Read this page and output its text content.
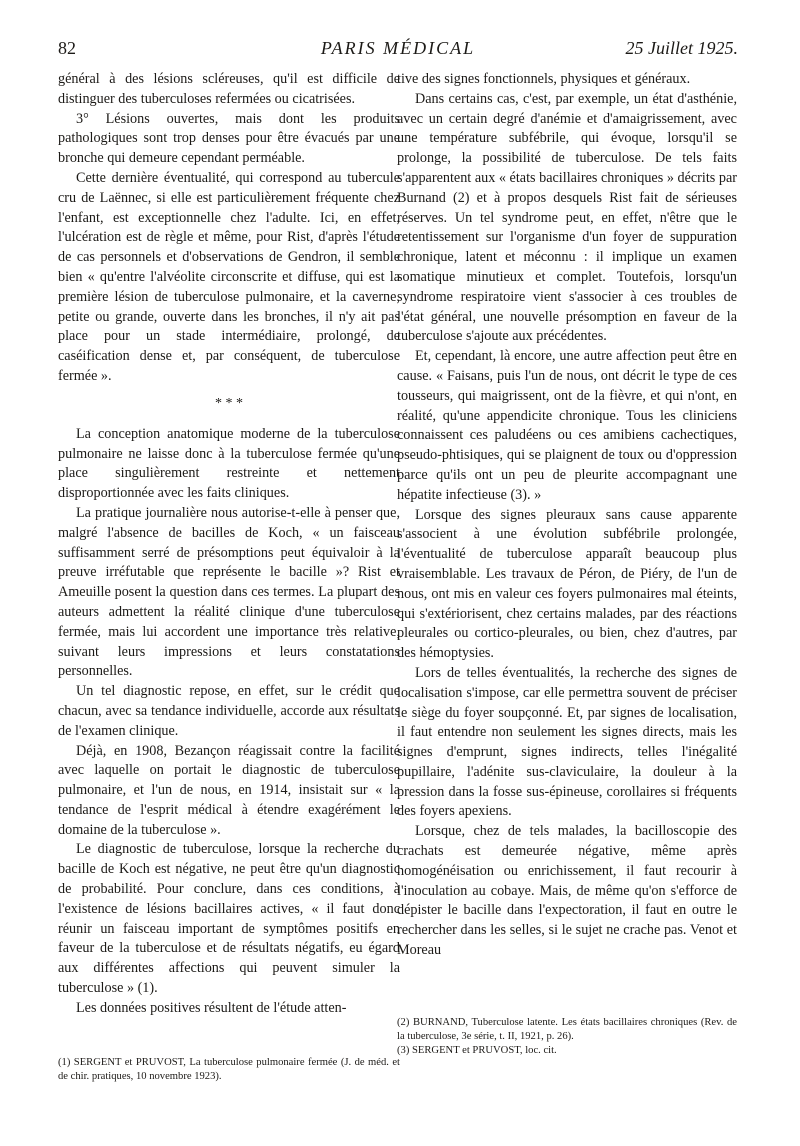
82	PARIS MÉDICAL	25 Juillet 1925.

général à des lésions scléreuses, qu'il est difficile de distinguer des tuberculoses refermées ou cicatrisées.

3° Lésions ouvertes, mais dont les produits pathologiques sont trop denses pour être évacués par une bronche qui demeure cependant perméable.

Cette dernière éventualité, qui correspond au tubercule cru de Laënnec, si elle est particulièrement fréquente chez l'enfant, est exceptionnelle chez l'adulte. Ici, en effet, l'ulcération est de règle et même, pour Rist, d'après l'étude de cas personnels et d'observations de Gendron, il semble bien « qu'entre l'alvéolite circonscrite et diffuse, qui est la première lésion de tuberculose pulmonaire, et la caverne, petite ou grande, ouverte dans les bronches, il n'y ait pas place pour un stade intermédiaire, prolongé, de caséification dense et, par conséquent, de tuberculose fermée ».

* * *

La conception anatomique moderne de la tuberculose pulmonaire ne laisse donc à la tuberculose fermée qu'une place singulièrement restreinte et nettement disproportionnée avec les faits cliniques.

La pratique journalière nous autorise-t-elle à penser que, malgré l'absence de bacilles de Koch, « un faisceau suffisamment serré de présomptions peut équivaloir à la preuve irréfutable que représente le bacille »? Rist et Ameuille posent la question dans ces termes. La plupart des auteurs admettent la réalité clinique d'une tuberculose fermée, mais lui accordent une importance très relative, suivant leurs impressions et leurs constatations personnelles.

Un tel diagnostic repose, en effet, sur le crédit que chacun, avec sa tendance individuelle, accorde aux résultats de l'examen clinique.

Déjà, en 1908, Bezançon réagissait contre la facilité avec laquelle on portait le diagnostic de tuberculose pulmonaire, et l'un de nous, en 1914, insistait sur « la tendance de l'esprit médical à étendre exagérément le domaine de la tuberculose ».

Le diagnostic de tuberculose, lorsque la recherche du bacille de Koch est négative, ne peut être qu'un diagnostic de probabilité. Pour conclure, dans ces conditions, à l'existence de lésions bacillaires actives, « il faut donc réunir un faisceau important de symptômes positifs en faveur de la tuberculose et de résultats négatifs, eu égard aux différentes affections qui peuvent simuler la tuberculose » (1).

Les données positives résultent de l'étude atten-

(1) SERGENT et PRUVOST, La tuberculose pulmonaire fermée (J. de méd. et de chir. pratiques, 10 novembre 1923).

tive des signes fonctionnels, physiques et généraux.

Dans certains cas, c'est, par exemple, un état d'asthénie, avec un certain degré d'anémie et d'amaigrissement, avec une température subfébrile, qui évoque, lorsqu'il se prolonge, la possibilité de tuberculose. De tels faits s'apparentent aux « états bacillaires chroniques » décrits par Burnand (2) et à propos desquels Rist fait de sérieuses réserves. Un tel syndrome peut, en effet, n'être que le retentissement sur l'organisme d'un foyer de suppuration chronique, latent et méconnu : il implique un examen somatique minutieux et complet. Toutefois, lorsqu'un syndrome respiratoire vient s'associer à ces troubles de l'état général, une nouvelle présomption en faveur de la tuberculose s'ajoute aux précédentes.

Et, cependant, là encore, une autre affection peut être en cause. « Faisans, puis l'un de nous, ont décrit le type de ces tousseurs, qui maigrissent, ont de la fièvre, et qui n'ont, en réalité, qu'une appendicite chronique. Tous les cliniciens connaissent ces paludéens ou ces amibiens cachectiques, pseudo-phtisiques, qui se plaignent de toux ou d'oppression parce qu'ils ont un peu de pleurite accompagnant une hépatite infectieuse (3). »

Lorsque des signes pleuraux sans cause apparente s'associent à une évolution subfébrile prolongée, l'éventualité de tuberculose apparaît beaucoup plus vraisemblable. Les travaux de Péron, de Piéry, de l'un de nous, ont mis en valeur ces foyers pulmonaires mal éteints, qui s'extériorisent, chez certains malades, par des réactions pleurales ou cortico-pleurales, ou bien, chez d'autres, par des hémoptysies.

Lors de telles éventualités, la recherche des signes de localisation s'impose, car elle permettra souvent de préciser le siège du foyer soupçonné. Et, par signes de localisation, il faut entendre non seulement les signes directs, mais les signes d'emprunt, signes indirects, telles l'inégalité pupillaire, l'adénite sus-claviculaire, la douleur à la pression dans la fosse sus-épineuse, corollaires si fréquents des foyers apexiens.

Lorsque, chez de tels malades, la bacilloscopie des crachats est demeurée négative, même après homogénéisation ou enrichissement, il faut recourir à l'inoculation au cobaye. Mais, de même qu'on s'efforce de dépister le bacille dans l'expectoration, il faut en outre le rechercher dans les selles, si le sujet ne crache pas. Venot et Moreau

(2) BURNAND, Tuberculose latente. Les états bacillaires chroniques (Rev. de la tuberculose, 3e série, t. II, 1921, p. 26).

(3) SERGENT et PRUVOST, loc. cit.
